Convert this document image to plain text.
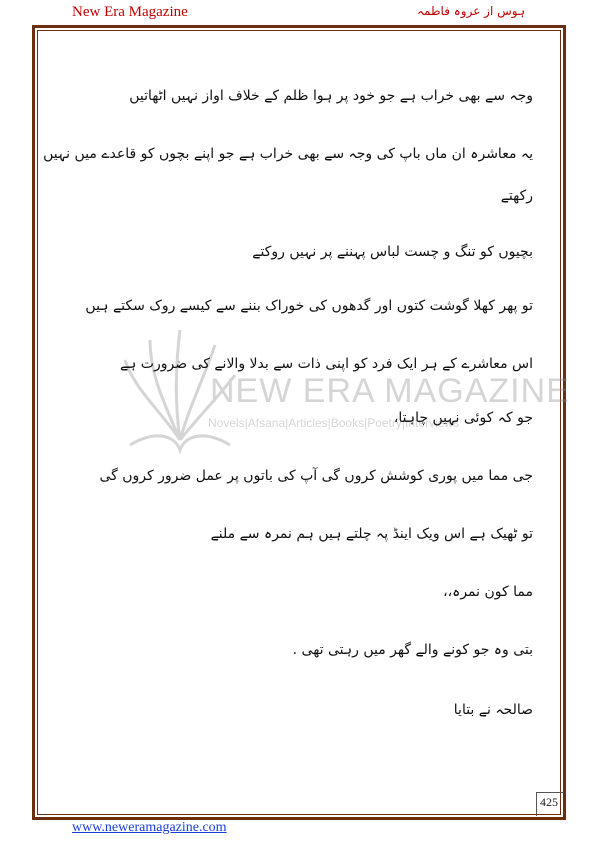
New Era Magazine	ہوس از عروہ فاطمہ
NEW ERA MAGAZINE
Novels|Afsana|Articles|Books|Poetry|Interviews
وجہ سے بھی خراب ہے جو خود پر ہوا ظلم کے خلاف اواز نہیں اٹھاتیں
یہ معاشرہ ان ماں باپ کی وجہ سے بھی خراب ہے جو اپنے بچوں کو قاعدے میں نہیں
رکھتے
بچیوں کو تنگ و چست لباس پہننے پر نہیں روکتے
تو پھر کھلا گوشت کتوں اور گدھوں کی خوراک بننے سے کیسے روک سکتے ہیں
اس معاشرے کے ہر ایک فرد کو اپنی ذات سے بدلا والانے کی ضرورت ہے
جو کہ کوئی نہیں چاہتا،
جی مما میں پوری کوشش کروں گی آپ کی باتوں پر عمل ضرور کروں گی
تو ٹھیک ہے اس ویک اینڈ پہ چلتے ہیں ہم نمرہ سے ملنے
مما کون نمرہ،،
بتی وہ جو کونے والے گھر میں رہتی تھی .
صالحہ نے بتایا
425
www.neweramagazine.com
